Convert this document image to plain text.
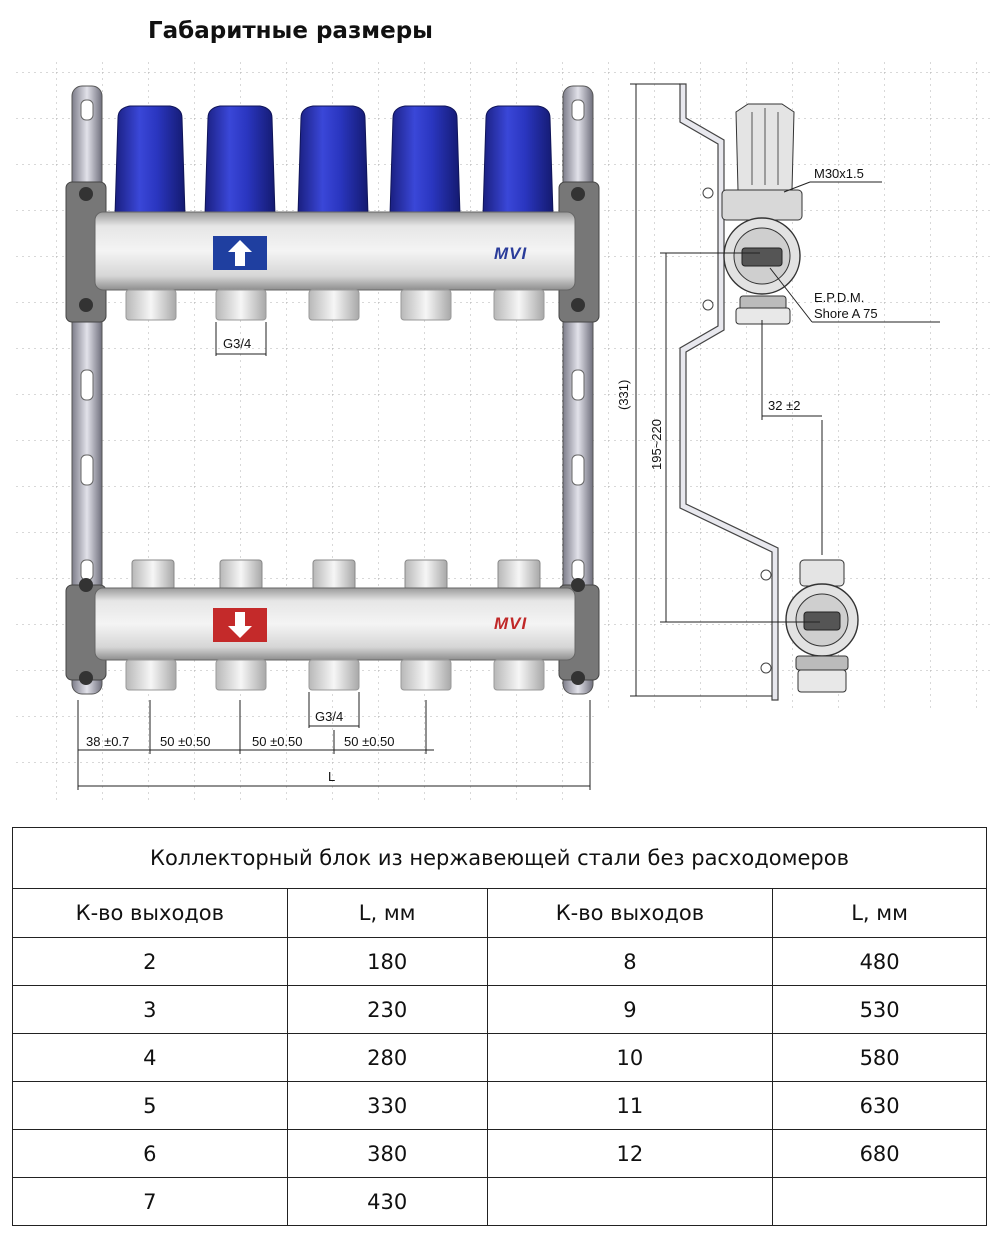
Габаритные размеры
MVI
G3/4
MVI
G3/4
38 ±0.7 50 ±0.50	50 ±0.50	50 ±0.50
L
M30x1.5
E.P.D.M.
Shore A 75
32 ±2
(331)
195~220
Коллекторный блок из нержавеющей стали без расходомеров			
К-во выходов	L, мм	К-во выходов	L, мм
2	180	8	480
3	230	9	530
4	280	10	580
5	330	11	630
6	380	12	680
7	430		
